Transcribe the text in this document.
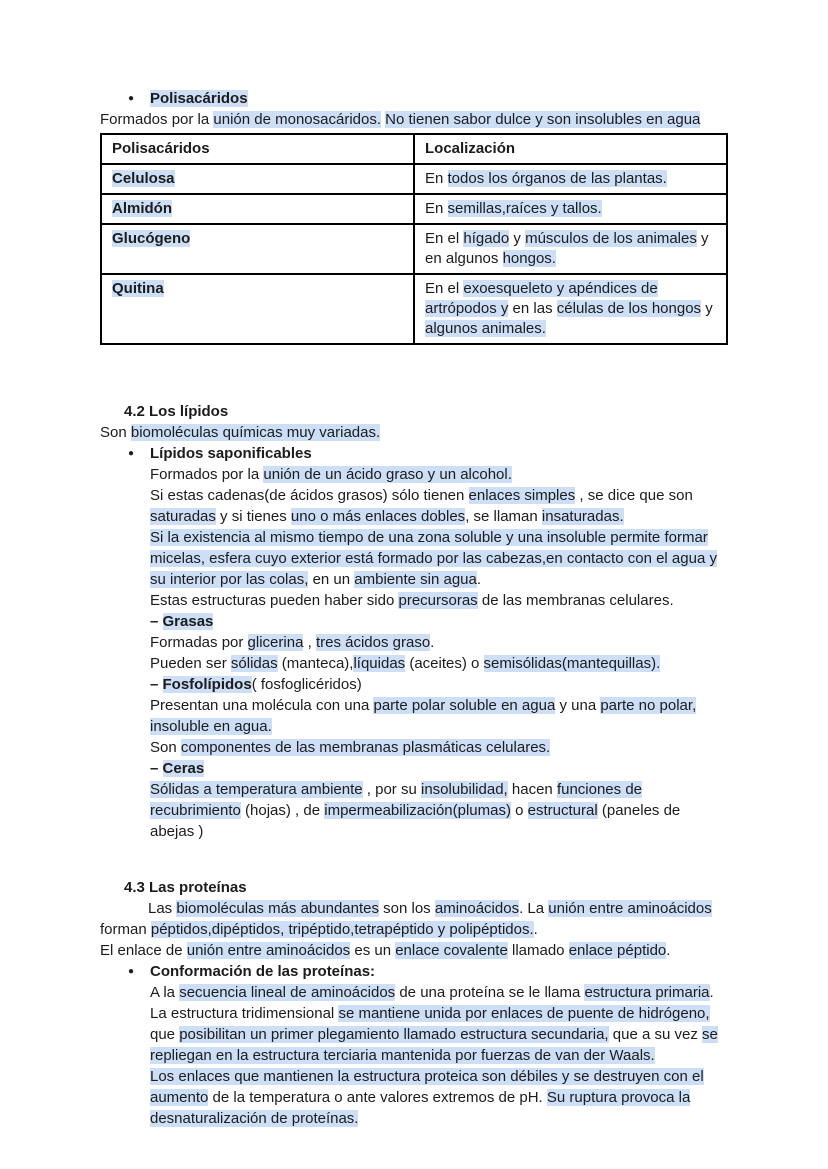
● Polisacáridos

Formados por la unión de monosacáridos. No tienen sabor dulce y son insolubles en agua

Polisacáridos	Localización
Celulosa	En todos los órganos de las plantas.
Almidón	En semillas,raíces y tallos.
Glucógeno	En el hígado y músculos de los animales y en algunos hongos.
Quitina	En el exoesqueleto y apéndices de artrópodos y en las células de los hongos y algunos animales.

4.2 Los lípidos

Son biomoléculas químicas muy variadas.

● Lípidos saponificables

Formados por la unión de un ácido graso y un alcohol.

Si estas cadenas(de ácidos grasos) sólo tienen enlaces simples , se dice que son saturadas y si tienes uno o más enlaces dobles, se llaman insaturadas.

Si la existencia al mismo tiempo de una zona soluble y una insoluble permite formar micelas, esfera cuyo exterior está formado por las cabezas,en contacto con el agua y su interior por las colas, en un ambiente sin agua.

Estas estructuras pueden haber sido precursoras de las membranas celulares.

– Grasas

Formadas por glicerina , tres ácidos graso.

Pueden ser sólidas (manteca),líquidas (aceites) o semisólidas(mantequillas).

– Fosfolípidos( fosfoglicéridos)

Presentan una molécula con una parte polar soluble en agua y una parte no polar, insoluble en agua.

Son componentes de las membranas plasmáticas celulares.

– Ceras

Sólidas a temperatura ambiente , por su insolubilidad, hacen funciones de recubrimiento (hojas) , de impermeabilización(plumas) o estructural (paneles de abejas )

4.3 Las proteínas

Las biomoléculas más abundantes son los aminoácidos. La unión entre aminoácidos forman péptidos,dipéptidos, tripéptido,tetrapéptido y polipéptidos..

El enlace de unión entre aminoácidos es un enlace covalente llamado enlace péptido.

● Conformación de las proteínas:

A la secuencia lineal de aminoácidos de una proteína se le llama estructura primaria. La estructura tridimensional se mantiene unida por enlaces de puente de hidrógeno, que posibilitan un primer plegamiento llamado estructura secundaria, que a su vez se repliegan en la estructura terciaria mantenida por fuerzas de van der Waals.

Los enlaces que mantienen la estructura proteica son débiles y se destruyen con el aumento de la temperatura o ante valores extremos de pH. Su ruptura provoca la desnaturalización de proteínas.
